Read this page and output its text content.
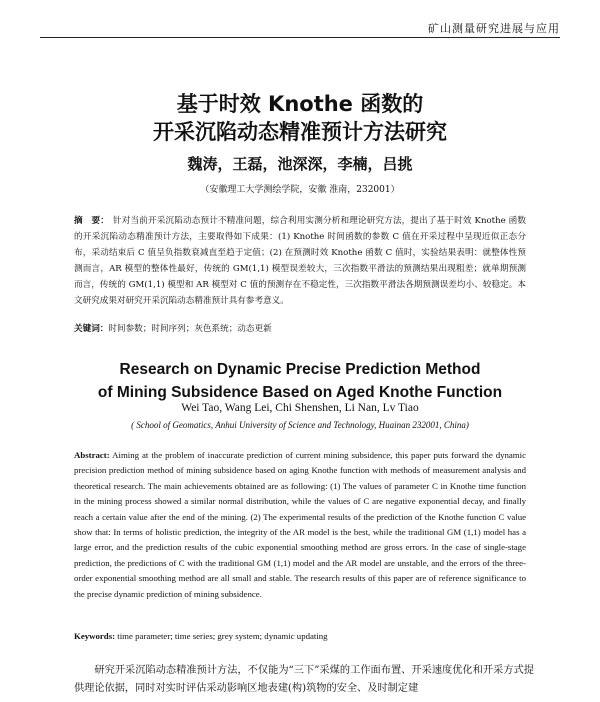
矿山测量研究进展与应用
基于时效 Knothe 函数的
开采沉陷动态精准预计方法研究
魏涛，王磊，池深深，李楠，吕挑
（安徽理工大学测绘学院，安徽 淮南，232001）
摘　要： 针对当前开采沉陷动态预计不精准问题，综合利用实测分析和理论研究方法，提出了基于时效 Knothe 函数的开采沉陷动态精准预计方法，主要取得如下成果：(1) Knothe 时间函数的参数 C 值在开采过程中呈现近似正态分布，采动结束后 C 值呈负指数衰减直至趋于定值；(2) 在预测时效 Knothe 函数 C 值时，实验结果表明：就整体性预测而言，AR 模型的整体性最好，传统的 GM(1,1) 模型误差较大，三次指数平滑法的预测结果出现粗差；就单期预测而言，传统的 GM(1,1) 模型和 AR 模型对 C 值的预测存在不稳定性，三次指数平滑法各期预测误差均小、较稳定。本文研究成果对研究开采沉陷动态精准预计具有参考意义。
关键词：时间参数；时间序列；灰色系统；动态更新
Research on Dynamic Precise Prediction Method
of Mining Subsidence Based on Aged Knothe Function
Wei Tao, Wang Lei, Chi Shenshen, Li Nan, Lv Tiao
( School of Geomatics, Anhui University of Science and Technology, Huainan 232001, China)
Abstract: Aiming at the problem of inaccurate prediction of current mining subsidence, this paper puts forward the dynamic precision prediction method of mining subsidence based on aging Knothe function with methods of measurement analysis and theoretical research. The main achievements obtained are as following: (1) The values of parameter C in Knothe time function in the mining process showed a similar normal distribution, while the values of C are negative exponential decay, and finally reach a certain value after the end of the mining. (2) The experimental results of the prediction of the Knothe function C value show that: In terms of holistic prediction, the integrity of the AR model is the best, while the traditional GM (1,1) model has a large error, and the prediction results of the cubic exponential smoothing method are gross errors. In the case of single-stage prediction, the predictions of C with the traditional GM (1,1) model and the AR model are unstable, and the errors of the three-order exponential smoothing method are all small and stable. The research results of this paper are of reference significance to the precise dynamic prediction of mining subsidence.
Keywords: time parameter; time series; grey system; dynamic updating
研究开采沉陷动态精准预计方法，不仅能为“三下”采煤的工作面布置、开采速度优化和开采方式提供理论依据，同时对实时评估采动影响区地表建(构)筑物的安全、及时制定建
